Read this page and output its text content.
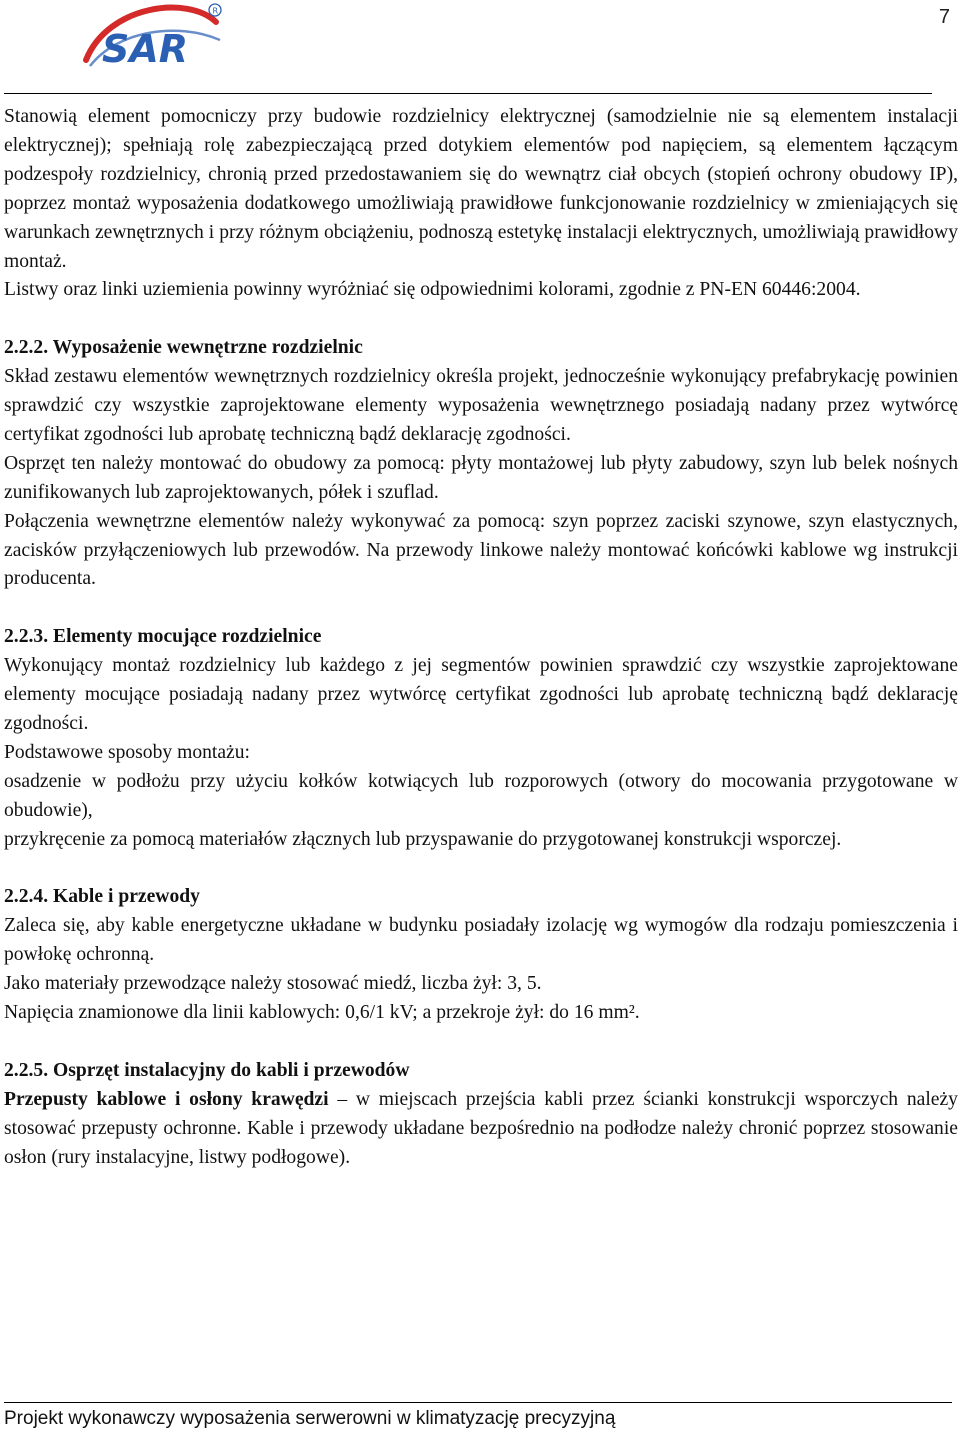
SAR
R	7

Stanowią element pomocniczy przy budowie rozdzielnicy elektrycznej (samodzielnie nie są elementem instalacji elektrycznej); spełniają rolę zabezpieczającą przed dotykiem elementów pod napięciem, są elementem łączącym podzespoły rozdzielnicy, chronią przed przedostawaniem się do wewnątrz ciał obcych (stopień ochrony obudowy IP), poprzez montaż wyposażenia dodatkowego umożliwiają prawidłowe funkcjonowanie rozdzielnicy w zmieniających się warunkach zewnętrznych i przy różnym obciążeniu, podnoszą estetykę instalacji elektrycznych, umożliwiają prawidłowy montaż.

Listwy oraz linki uziemienia powinny wyróżniać się odpowiednimi kolorami, zgodnie z PN-EN 60446:2004.

2.2.2. Wyposażenie wewnętrzne rozdzielnic

Skład zestawu elementów wewnętrznych rozdzielnicy określa projekt, jednocześnie wykonujący prefabrykację powinien sprawdzić czy wszystkie zaprojektowane elementy wyposażenia wewnętrznego posiadają nadany przez wytwórcę certyfikat zgodności lub aprobatę techniczną bądź deklarację zgodności.

Osprzęt ten należy montować do obudowy za pomocą: płyty montażowej lub płyty zabudowy, szyn lub belek nośnych zunifikowanych lub zaprojektowanych, półek i szuflad.

Połączenia wewnętrzne elementów należy wykonywać za pomocą: szyn poprzez zaciski szynowe, szyn elastycznych, zacisków przyłączeniowych lub przewodów. Na przewody linkowe należy montować końcówki kablowe wg instrukcji producenta.

2.2.3. Elementy mocujące rozdzielnice

Wykonujący montaż rozdzielnicy lub każdego z jej segmentów powinien sprawdzić czy wszystkie zaprojektowane elementy mocujące posiadają nadany przez wytwórcę certyfikat zgodności lub aprobatę techniczną bądź deklarację zgodności.

Podstawowe sposoby montażu:

osadzenie w podłożu przy użyciu kołków kotwiących lub rozporowych (otwory do mocowania przygotowane w obudowie),

przykręcenie za pomocą materiałów złącznych lub przyspawanie do przygotowanej konstrukcji wsporczej.

2.2.4. Kable i przewody

Zaleca się, aby kable energetyczne układane w budynku posiadały izolację wg wymogów dla rodzaju pomieszczenia i powłokę ochronną.

Jako materiały przewodzące należy stosować miedź, liczba żył: 3, 5.

Napięcia znamionowe dla linii kablowych: 0,6/1 kV; a przekroje żył: do 16 mm².

2.2.5. Osprzęt instalacyjny do kabli i przewodów

Przepusty kablowe i osłony krawędzi – w miejscach przejścia kabli przez ścianki konstrukcji wsporczych należy stosować przepusty ochronne. Kable i przewody układane bezpośrednio na podłodze należy chronić poprzez stosowanie osłon (rury instalacyjne, listwy podłogowe).

Projekt wykonawczy wyposażenia serwerowni w klimatyzację precyzyjną
